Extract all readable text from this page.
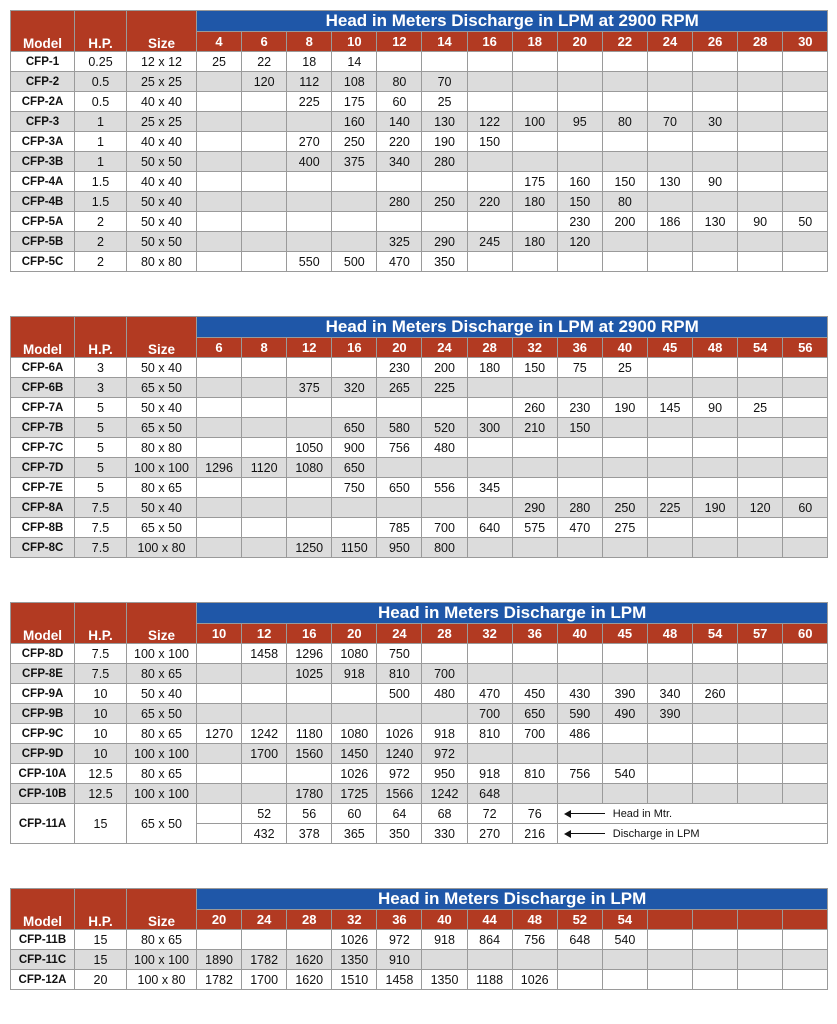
Model	H.P.	Size	Head in Meters Discharge in LPM at 2900 RPM													
			4	6	8	10	12	14	16	18	20	22	24	26	28	30
CFP-1	0.25	12 x 12	25	22	18	14										
CFP-2	0.5	25 x 25		120	112	108	80	70								
CFP-2A	0.5	40 x 40			225	175	60	25								
CFP-3	1	25 x 25				160	140	130	122	100	95	80	70	30		
CFP-3A	1	40 x 40			270	250	220	190	150							
CFP-3B	1	50 x 50			400	375	340	280								
CFP-4A	1.5	40 x 40								175	160	150	130	90		
CFP-4B	1.5	50 x 40					280	250	220	180	150	80				
CFP-5A	2	50 x 40									230	200	186	130	90	50
CFP-5B	2	50 x 50					325	290	245	180	120					
CFP-5C	2	80 x 80			550	500	470	350								
Model	H.P.	Size	Head in Meters Discharge in LPM at 2900 RPM													
			6	8	12	16	20	24	28	32	36	40	45	48	54	56
CFP-6A	3	50 x 40					230	200	180	150	75	25				
CFP-6B	3	65 x 50			375	320	265	225								
CFP-7A	5	50 x 40								260	230	190	145	90	25	
CFP-7B	5	65 x 50				650	580	520	300	210	150					
CFP-7C	5	80 x 80			1050	900	756	480								
CFP-7D	5	100 x 100	1296	1120	1080	650										
CFP-7E	5	80 x 65				750	650	556	345							
CFP-8A	7.5	50 x 40								290	280	250	225	190	120	60
CFP-8B	7.5	65 x 50					785	700	640	575	470	275				
CFP-8C	7.5	100 x 80			1250	1150	950	800								
Model	H.P.	Size	Head in Meters Discharge in LPM													
			10	12	16	20	24	28	32	36	40	45	48	54	57	60
CFP-8D	7.5	100 x 100		1458	1296	1080	750									
CFP-8E	7.5	80 x 65			1025	918	810	700								
CFP-9A	10	50 x 40					500	480	470	450	430	390	340	260		
CFP-9B	10	65 x 50							700	650	590	490	390			
CFP-9C	10	80 x 65	1270	1242	1180	1080	1026	918	810	700	486					
CFP-9D	10	100 x 100		1700	1560	1450	1240	972								
CFP-10A	12.5	80 x 65				1026	972	950	918	810	756	540				
CFP-10B	12.5	100 x 100			1780	1725	1566	1242	648							
CFP-11A	15	65 x 50		52	56	60	64	68	72	76	Head in Mtr.					

				432	378	365	350	330	270	216	Discharge in LPM					
Model	H.P.	Size	Head in Meters Discharge in LPM													
			20	24	28	32	36	40	44	48	52	54				
CFP-11B	15	80 x 65				1026	972	918	864	756	648	540				
CFP-11C	15	100 x 100	1890	1782	1620	1350	910									
CFP-12A	20	100 x 80	1782	1700	1620	1510	1458	1350	1188	1026						
